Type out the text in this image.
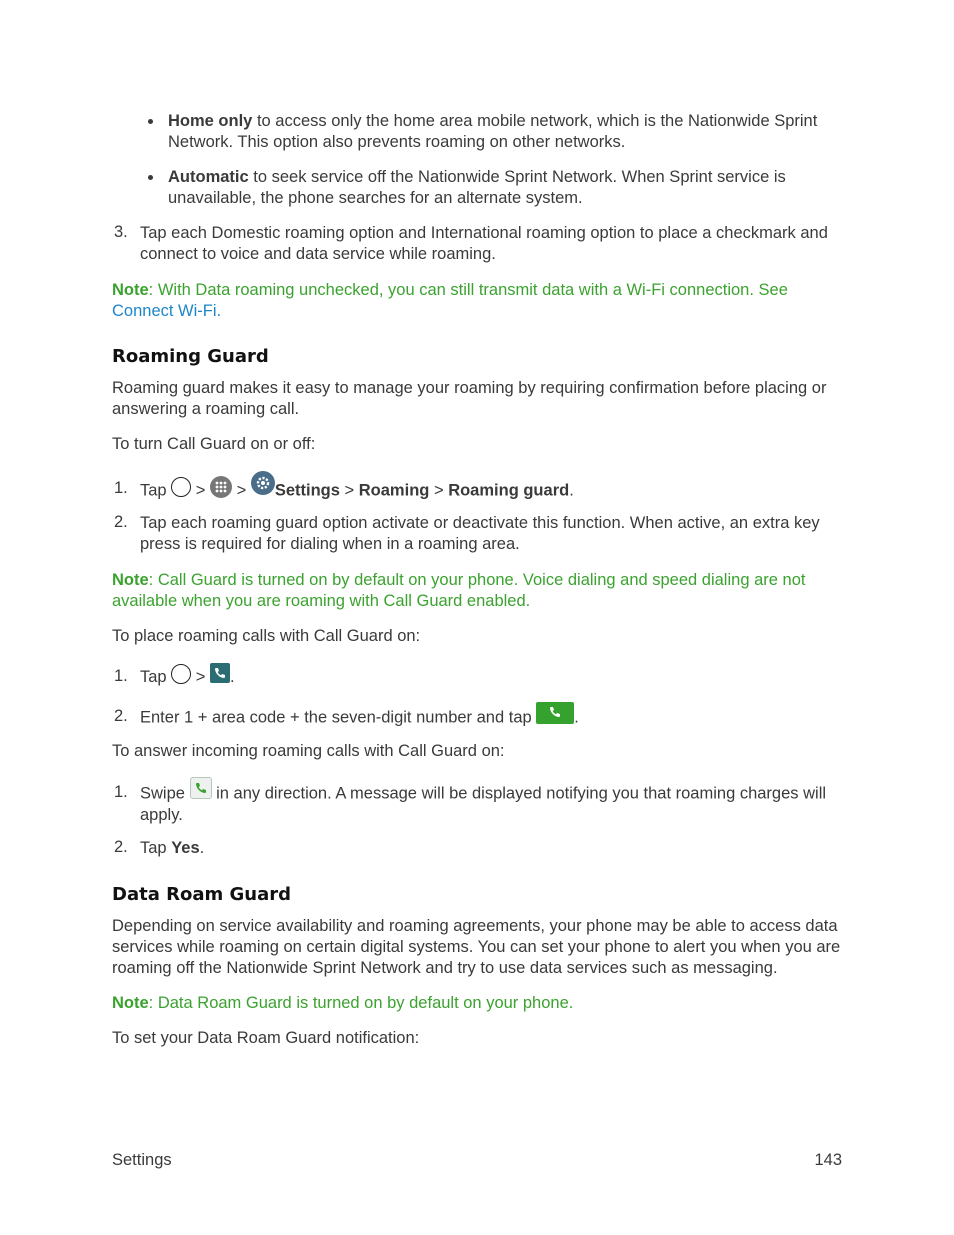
Home only to access only the home area mobile network, which is the Nationwide Sprint Network. This option also prevents roaming on other networks.

Automatic to seek service off the Nationwide Sprint Network. When Sprint service is unavailable, the phone searches for an alternate system.

3. Tap each Domestic roaming option and International roaming option to place a checkmark and connect to voice and data service while roaming.

Note: With Data roaming unchecked, you can still transmit data with a Wi-Fi connection. See Connect Wi-Fi.

Roaming Guard

Roaming guard makes it easy to manage your roaming by requiring confirmation before placing or answering a roaming call.

To turn Call Guard on or off:

1. Tap  > > Settings > Roaming > Roaming guard.

2. Tap each roaming guard option activate or deactivate this function. When active, an extra key press is required for dialing when in a roaming area.

Note: Call Guard is turned on by default on your phone. Voice dialing and speed dialing are not available when you are roaming with Call Guard enabled.

To place roaming calls with Call Guard on:

1. Tap  > .

2. Enter 1 + area code + the seven-digit number and tap .

To answer incoming roaming calls with Call Guard on:

1. Swipe  in any direction. A message will be displayed notifying you that roaming charges will apply.

2. Tap Yes.

Data Roam Guard

Depending on service availability and roaming agreements, your phone may be able to access data services while roaming on certain digital systems. You can set your phone to alert you when you are roaming off the Nationwide Sprint Network and try to use data services such as messaging.

Note: Data Roam Guard is turned on by default on your phone.

To set your Data Roam Guard notification:

Settings	143
